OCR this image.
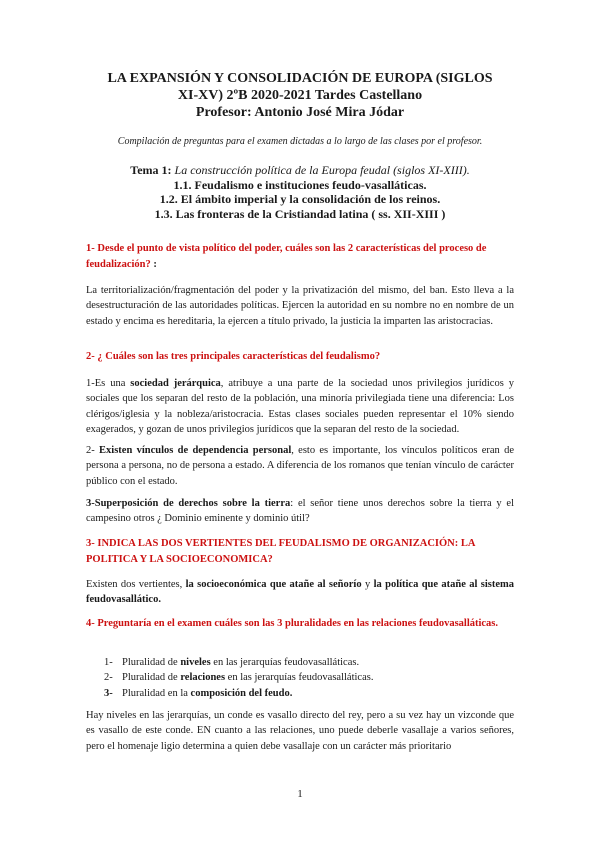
LA EXPANSIÓN Y CONSOLIDACIÓN DE EUROPA (SIGLOS
XI-XV) 2ºB 2020-2021 Tardes Castellano
Profesor: Antonio José Mira Jódar
Compilación de preguntas para el examen dictadas a lo largo de las clases por el profesor.
Tema 1: La construcción política de la Europa feudal (siglos XI-XIII).
1.1. Feudalismo e instituciones feudo-vasalláticas.
1.2. El ámbito imperial y la consolidación de los reinos.
1.3. Las fronteras de la Cristiandad latina ( ss. XII-XIII )
1- Desde el punto de vista político del poder, cuáles son las 2 características del proceso de feudalización? :
La territorialización/fragmentación del poder y la privatización del mismo, del ban. Esto lleva a la desestructuración de las autoridades políticas. Ejercen la autoridad en su nombre no en nombre de un estado y encima es hereditaria, la ejercen a título privado, la justicia la imparten las aristocracias.
2- ¿ Cuáles son las tres principales características del feudalismo?
1-Es una sociedad jerárquica, atribuye a una parte de la sociedad unos privilegios jurídicos y sociales que los separan del resto de la población, una minoría privilegiada tiene una diferencia: Los clérigos/iglesia y la nobleza/aristocracia. Estas clases sociales pueden representar el 10% siendo exagerados, y gozan de unos privilegios jurídicos que la separan del resto de la sociedad.
2- Existen vínculos de dependencia personal, esto es importante, los vínculos políticos eran de persona a persona, no de persona a estado. A diferencia de los romanos que tenían vínculo de carácter público con el estado.
3-Superposición de derechos sobre la tierra: el señor tiene unos derechos sobre la tierra y el campesino otros ¿ Dominio eminente y dominio útil?
3- INDICA LAS DOS VERTIENTES DEL FEUDALISMO DE ORGANIZACIÓN: LA POLITICA Y LA SOCIOECONOMICA?
Existen dos vertientes, la socioeconómica que atañe al señorío y la política que atañe al sistema feudovasallático.
4- Preguntaría en el examen cuáles son las 3 pluralidades en las relaciones feudovasalláticas.
1- Pluralidad de niveles en las jerarquías feudovasalláticas.
2- Pluralidad de relaciones en las jerarquías feudovasalláticas.
3- Pluralidad en la composición del feudo.
Hay niveles en las jerarquías, un conde es vasallo directo del rey, pero a su vez hay un vizconde que es vasallo de este conde. EN cuanto a las relaciones, uno puede deberle vasallaje a varios señores, pero el homenaje ligio determina a quien debe vasallaje con un carácter más prioritario
1
